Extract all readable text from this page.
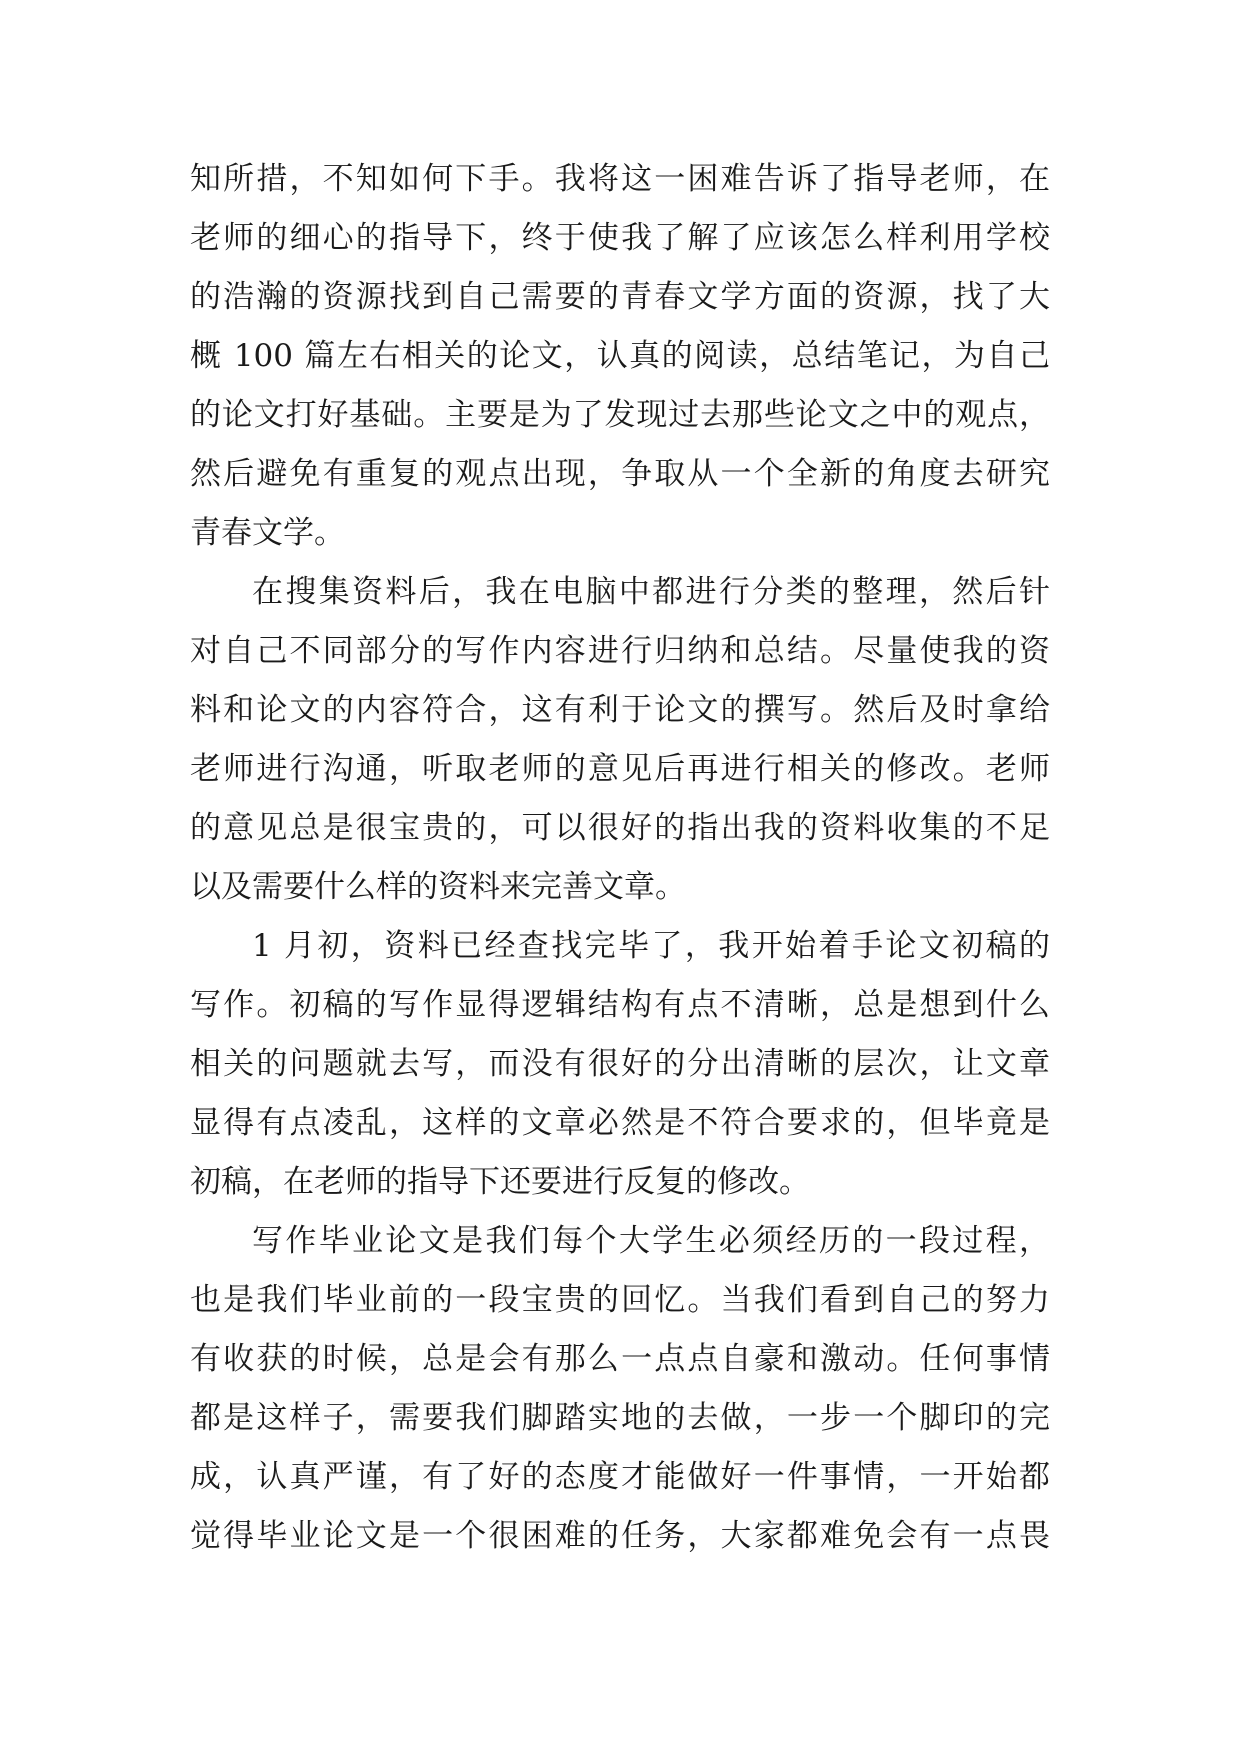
知所措，不知如何下手。我将这一困难告诉了指导老师，在
老师的细心的指导下，终于使我了解了应该怎么样利用学校
的浩瀚的资源找到自己需要的青春文学方面的资源，找了大
概 100 篇左右相关的论文，认真的阅读，总结笔记，为自己
的论文打好基础。主要是为了发现过去那些论文之中的观点，
然后避免有重复的观点出现，争取从一个全新的角度去研究
青春文学。
在搜集资料后，我在电脑中都进行分类的整理，然后针
对自己不同部分的写作内容进行归纳和总结。尽量使我的资
料和论文的内容符合，这有利于论文的撰写。然后及时拿给
老师进行沟通，听取老师的意见后再进行相关的修改。老师
的意见总是很宝贵的，可以很好的指出我的资料收集的不足
以及需要什么样的资料来完善文章。
1 月初，资料已经查找完毕了，我开始着手论文初稿的
写作。初稿的写作显得逻辑结构有点不清晰，总是想到什么
相关的问题就去写，而没有很好的分出清晰的层次，让文章
显得有点凌乱，这样的文章必然是不符合要求的，但毕竟是
初稿，在老师的指导下还要进行反复的修改。
写作毕业论文是我们每个大学生必须经历的一段过程，
也是我们毕业前的一段宝贵的回忆。当我们看到自己的努力
有收获的时候，总是会有那么一点点自豪和激动。任何事情
都是这样子，需要我们脚踏实地的去做，一步一个脚印的完
成，认真严谨，有了好的态度才能做好一件事情，一开始都
觉得毕业论文是一个很困难的任务，大家都难免会有一点畏
